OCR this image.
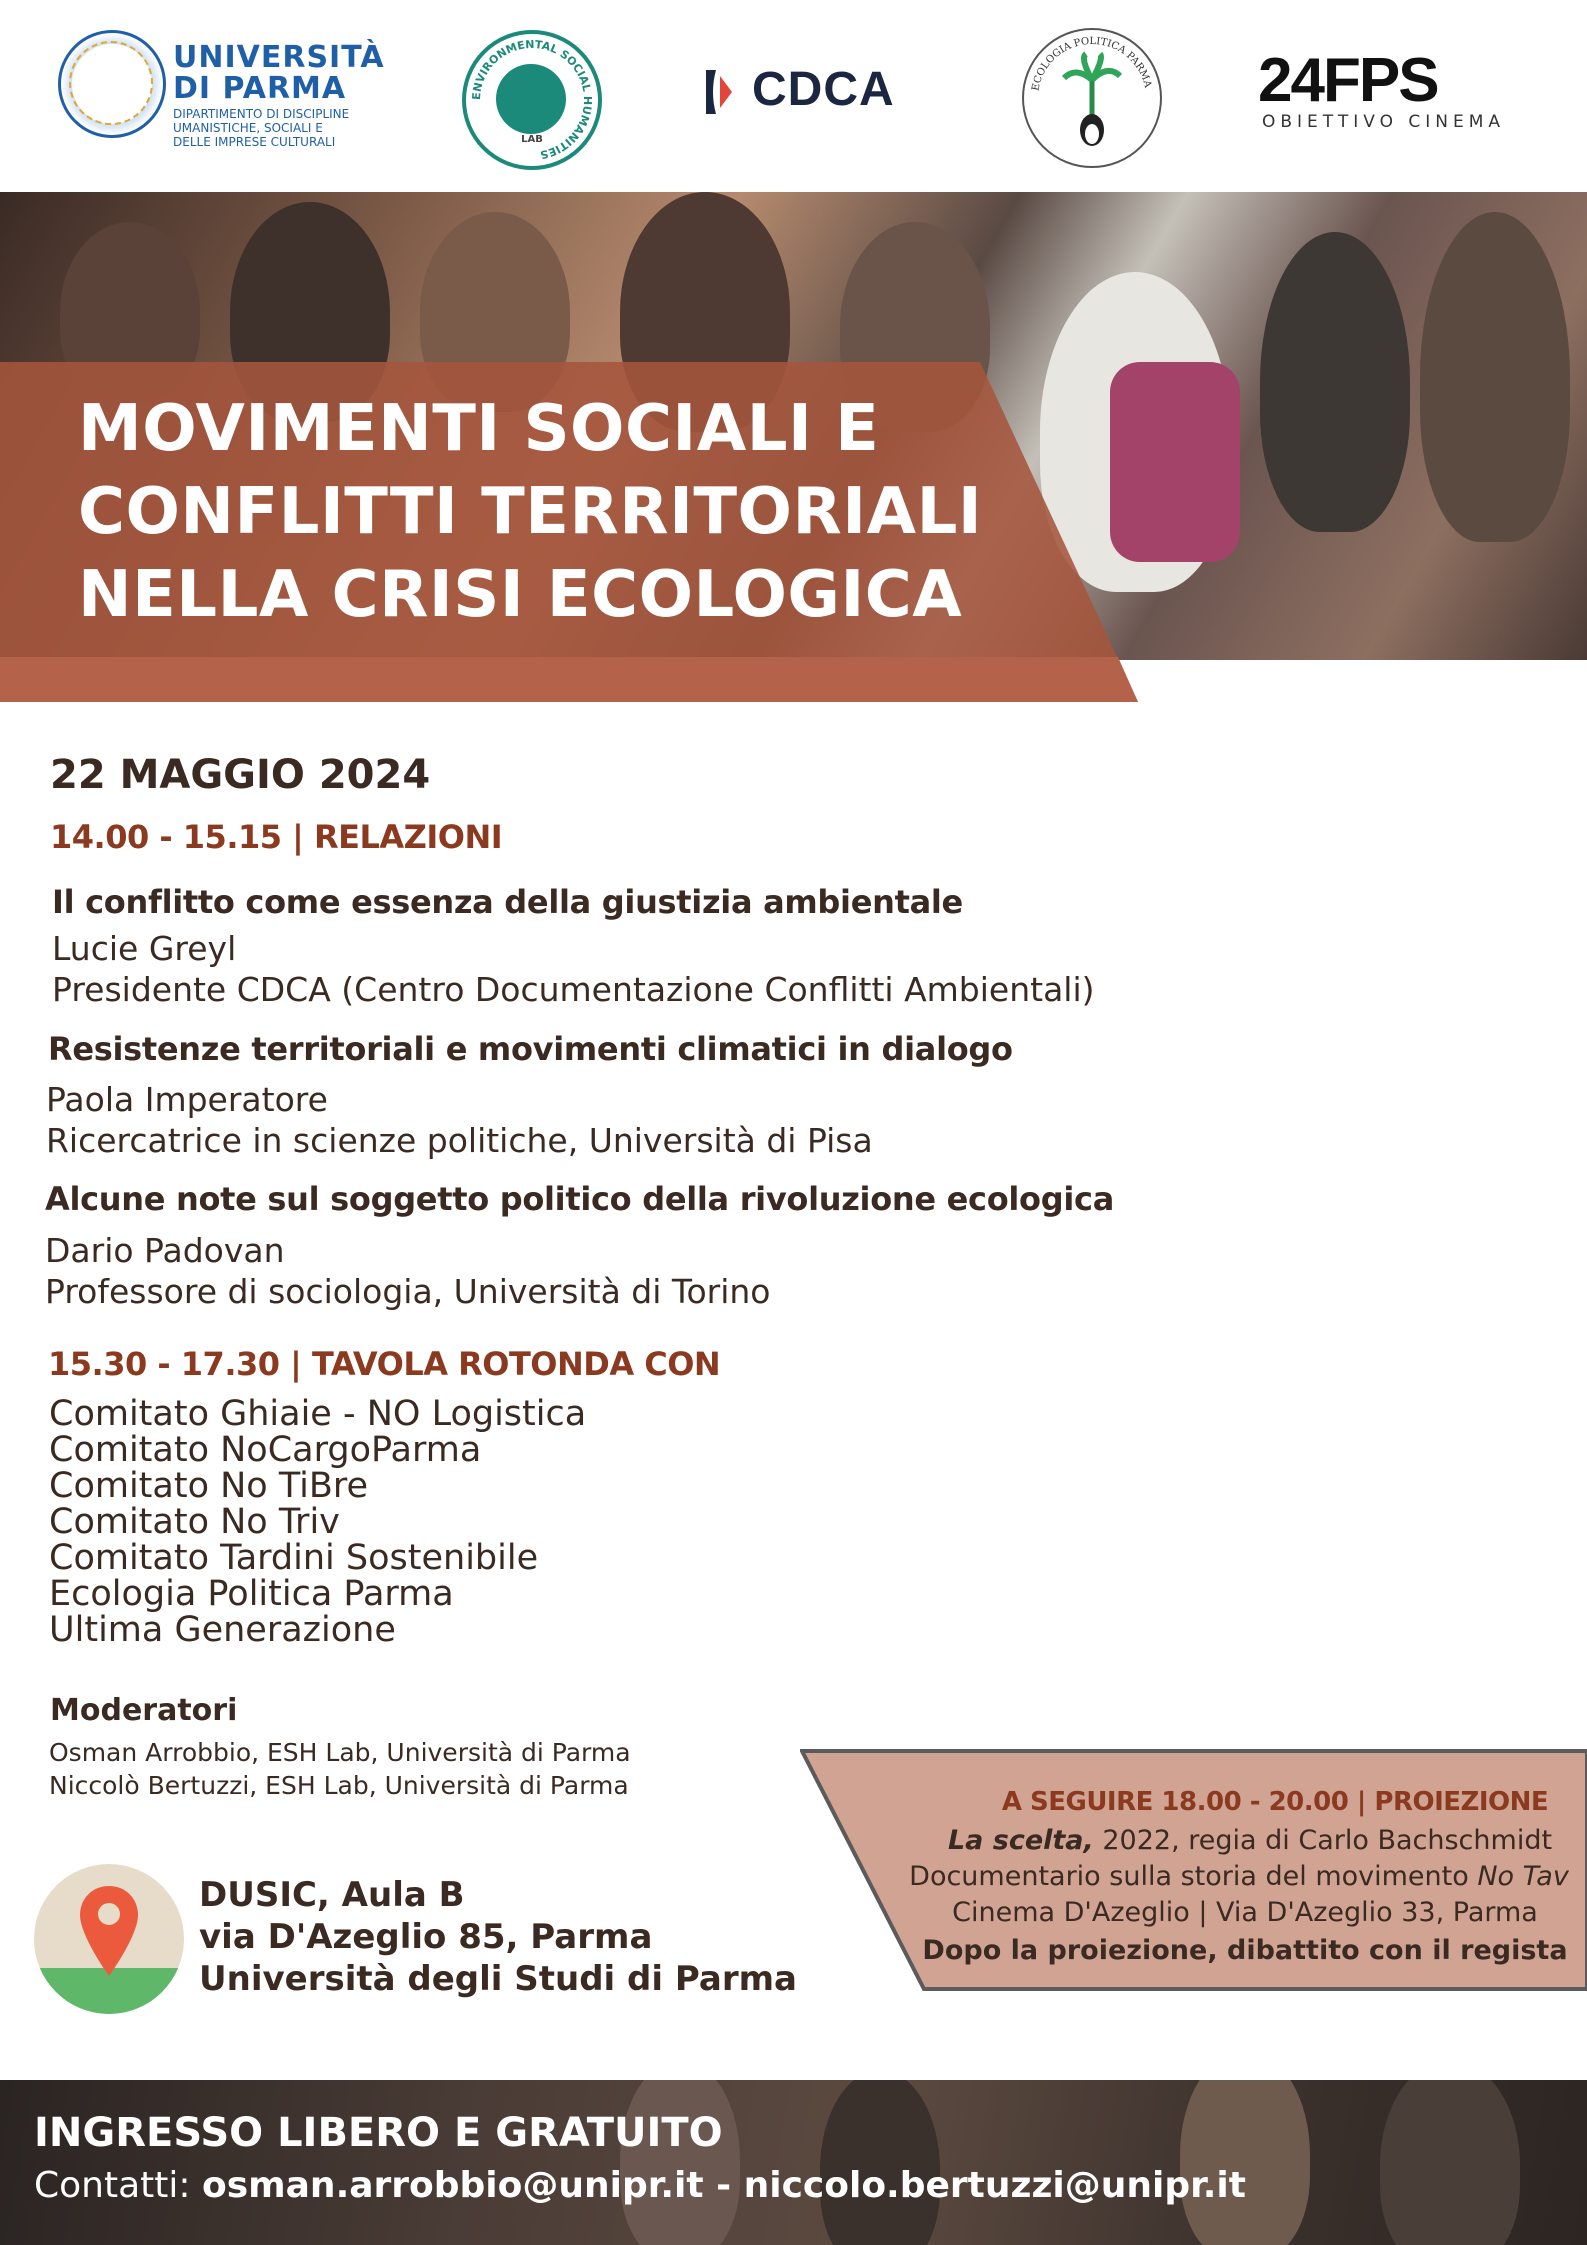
UNIVERSITÀ
DI PARMA
DIPARTIMENTO DI DISCIPLINE
UMANISTICHE, SOCIALI E
DELLE IMPRESE CULTURALI
ENVIRONMENTAL SOCIAL HUMANITIES
LAB
CDCA	ECOLOGIA POLITICA PARMA 24FPS
OBIETTIVO CINEMA
MOVIMENTI SOCIALI E
CONFLITTI TERRITORIALI
NELLA CRISI ECOLOGICA
22 MAGGIO 2024
14.00 - 15.15 | RELAZIONI
Il conflitto come essenza della giustizia ambientale
Lucie Greyl
Presidente CDCA (Centro Documentazione Conflitti Ambientali)
Resistenze territoriali e movimenti climatici in dialogo
Paola Imperatore
Ricercatrice in scienze politiche, Università di Pisa
Alcune note sul soggetto politico della rivoluzione ecologica
Dario Padovan
Professore di sociologia, Università di Torino
15.30 - 17.30 | TAVOLA ROTONDA CON
Comitato Ghiaie - NO Logistica
Comitato NoCargoParma
Comitato No TiBre
Comitato No Triv
Comitato Tardini Sostenibile
Ecologia Politica Parma
Ultima Generazione
Moderatori
Osman Arrobbio, ESH Lab, Università di Parma
Niccolò Bertuzzi, ESH Lab, Università di Parma
DUSIC, Aula B
via D'Azeglio 85, Parma
Università degli Studi di Parma
A SEGUIRE 18.00 - 20.00 | PROIEZIONE
La scelta, 2022, regia di Carlo Bachschmidt
Documentario sulla storia del movimento No Tav
Cinema D'Azeglio | Via D'Azeglio 33, Parma
Dopo la proiezione, dibattito con il regista
INGRESSO LIBERO E GRATUITO
Contatti: osman.arrobbio@unipr.it - niccolo.bertuzzi@unipr.it
